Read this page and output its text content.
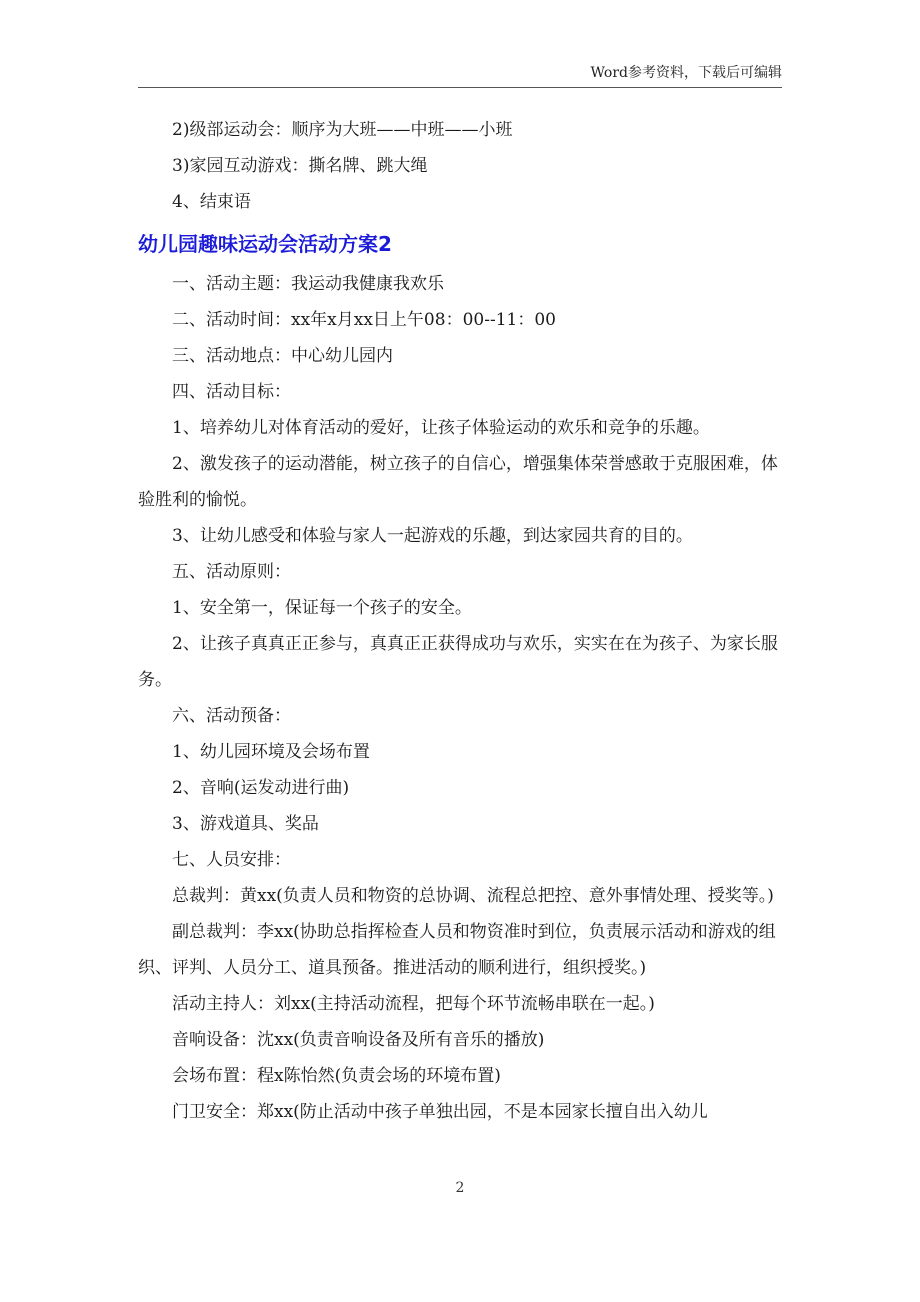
Word参考资料，下载后可编辑

2)级部运动会：顺序为大班——中班——小班

3)家园互动游戏：撕名牌、跳大绳

4、结束语

幼儿园趣味运动会活动方案2

一、活动主题：我运动我健康我欢乐

二、活动时间：xx年x月xx日上午08：00--11：00

三、活动地点：中心幼儿园内

四、活动目标：

1、培养幼儿对体育活动的爱好，让孩子体验运动的欢乐和竞争的乐趣。

2、激发孩子的运动潜能，树立孩子的自信心，增强集体荣誉感敢于克服困难，体验胜利的愉悦。

3、让幼儿感受和体验与家人一起游戏的乐趣，到达家园共育的目的。

五、活动原则：

1、安全第一，保证每一个孩子的安全。

2、让孩子真真正正参与，真真正正获得成功与欢乐，实实在在为孩子、为家长服务。

六、活动预备：

1、幼儿园环境及会场布置

2、音响(运发动进行曲)

3、游戏道具、奖品

七、人员安排：

总裁判：黄xx(负责人员和物资的总协调、流程总把控、意外事情处理、授奖等。)

副总裁判：李xx(协助总指挥检查人员和物资准时到位，负责展示活动和游戏的组织、评判、人员分工、道具预备。推进活动的顺利进行，组织授奖。)

活动主持人：刘xx(主持活动流程，把每个环节流畅串联在一起。)

音响设备：沈xx(负责音响设备及所有音乐的播放)

会场布置：程x陈怡然(负责会场的环境布置)

门卫安全：郑xx(防止活动中孩子单独出园，不是本园家长擅自出入幼儿

2
